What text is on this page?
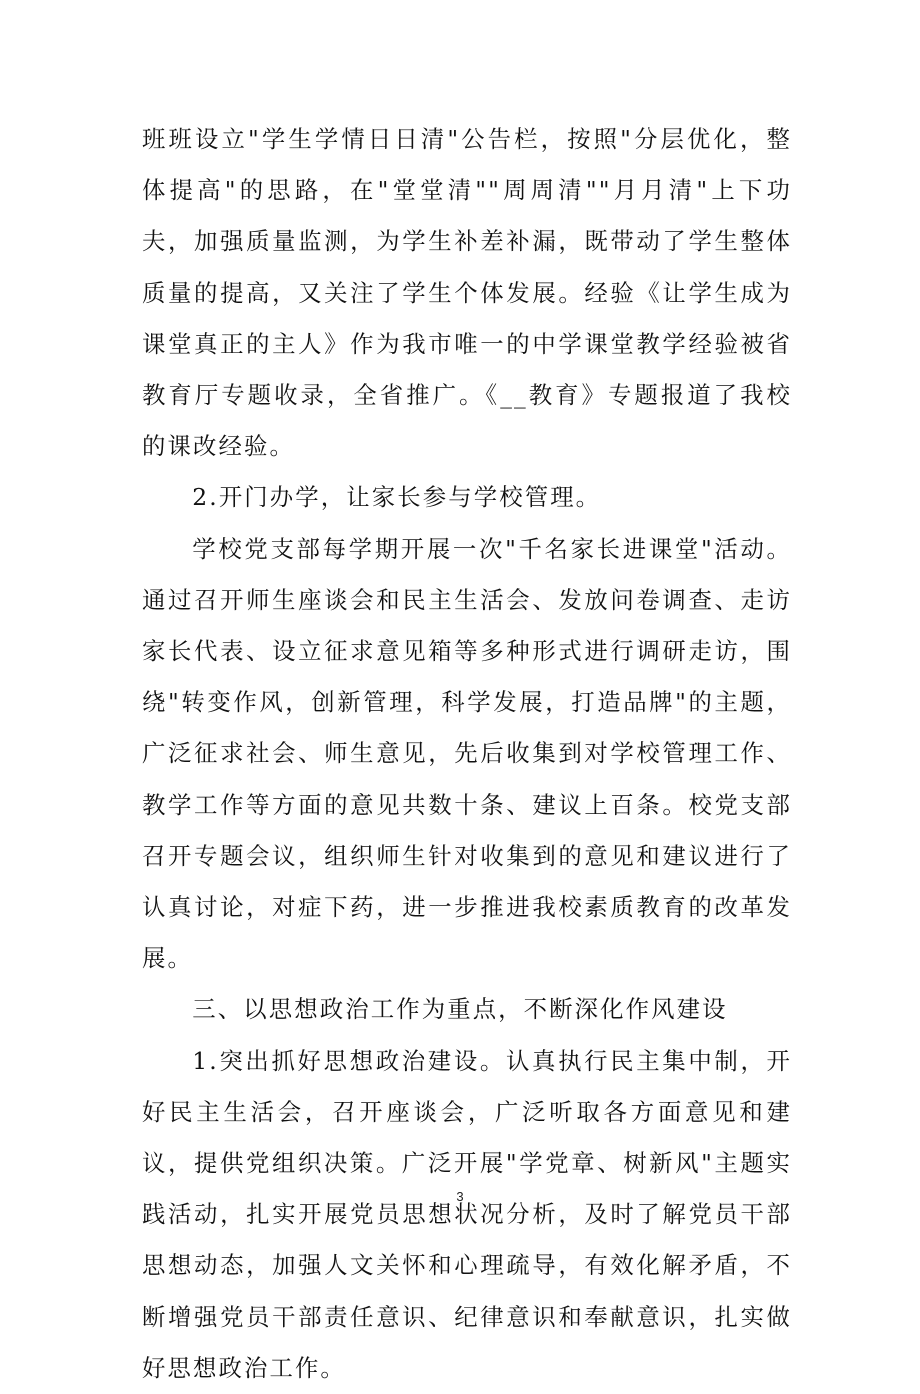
班班设立"学生学情日日清"公告栏，按照"分层优化，整体提高"的思路，在"堂堂清""周周清""月月清"上下功夫，加强质量监测，为学生补差补漏，既带动了学生整体质量的提高，又关注了学生个体发展。经验《让学生成为课堂真正的主人》作为我市唯一的中学课堂教学经验被省教育厅专题收录，全省推广。《__教育》专题报道了我校的课改经验。

2.开门办学，让家长参与学校管理。

学校党支部每学期开展一次"千名家长进课堂"活动。通过召开师生座谈会和民主生活会、发放问卷调查、走访家长代表、设立征求意见箱等多种形式进行调研走访，围绕"转变作风，创新管理，科学发展，打造品牌"的主题，广泛征求社会、师生意见，先后收集到对学校管理工作、教学工作等方面的意见共数十条、建议上百条。校党支部召开专题会议，组织师生针对收集到的意见和建议进行了认真讨论，对症下药，进一步推进我校素质教育的改革发展。

三、以思想政治工作为重点，不断深化作风建设

1.突出抓好思想政治建设。认真执行民主集中制，开好民主生活会，召开座谈会，广泛听取各方面意见和建议，提供党组织决策。广泛开展"学党章、树新风"主题实践活动，扎实开展党员思想状况分析，及时了解党员干部思想动态，加强人文关怀和心理疏导，有效化解矛盾，不断增强党员干部责任意识、纪律意识和奉献意识，扎实做好思想政治工作。

3
